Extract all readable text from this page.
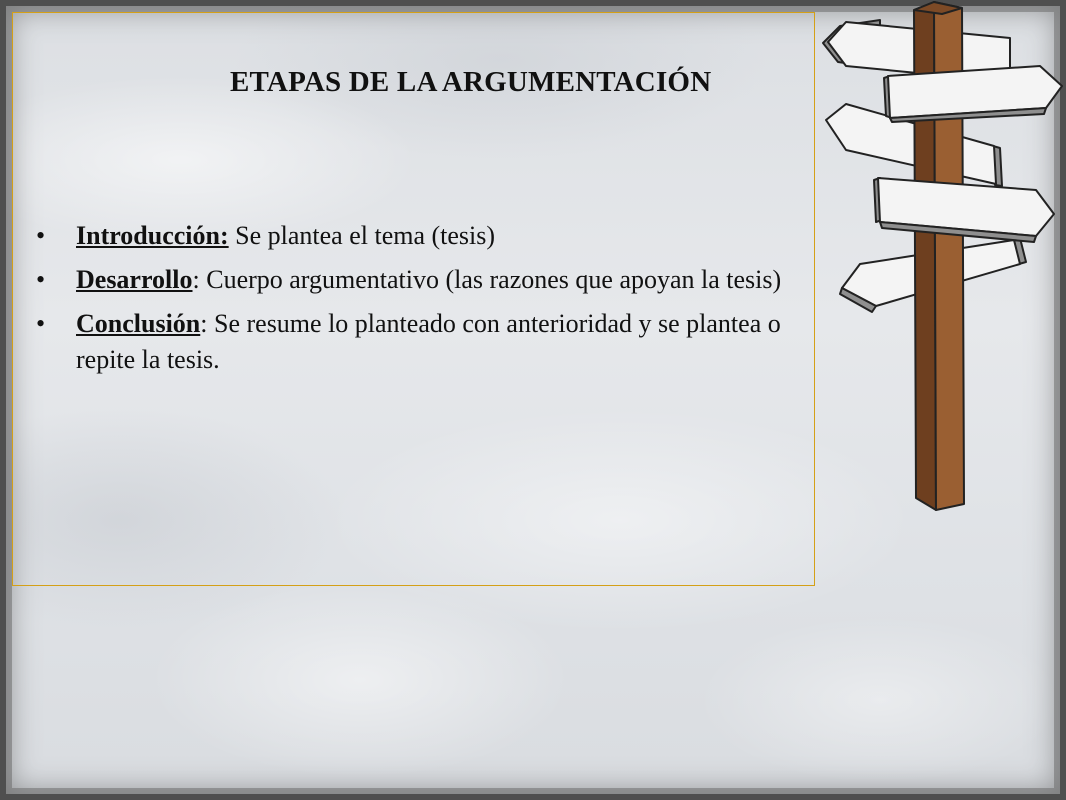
ETAPAS DE LA ARGUMENTACIÓN
• Introducción: Se plantea el tema (tesis)
• Desarrollo: Cuerpo argumentativo (las razones que apoyan la tesis)
• Conclusión: Se resume lo planteado con anterioridad y se plantea o repite la tesis.
